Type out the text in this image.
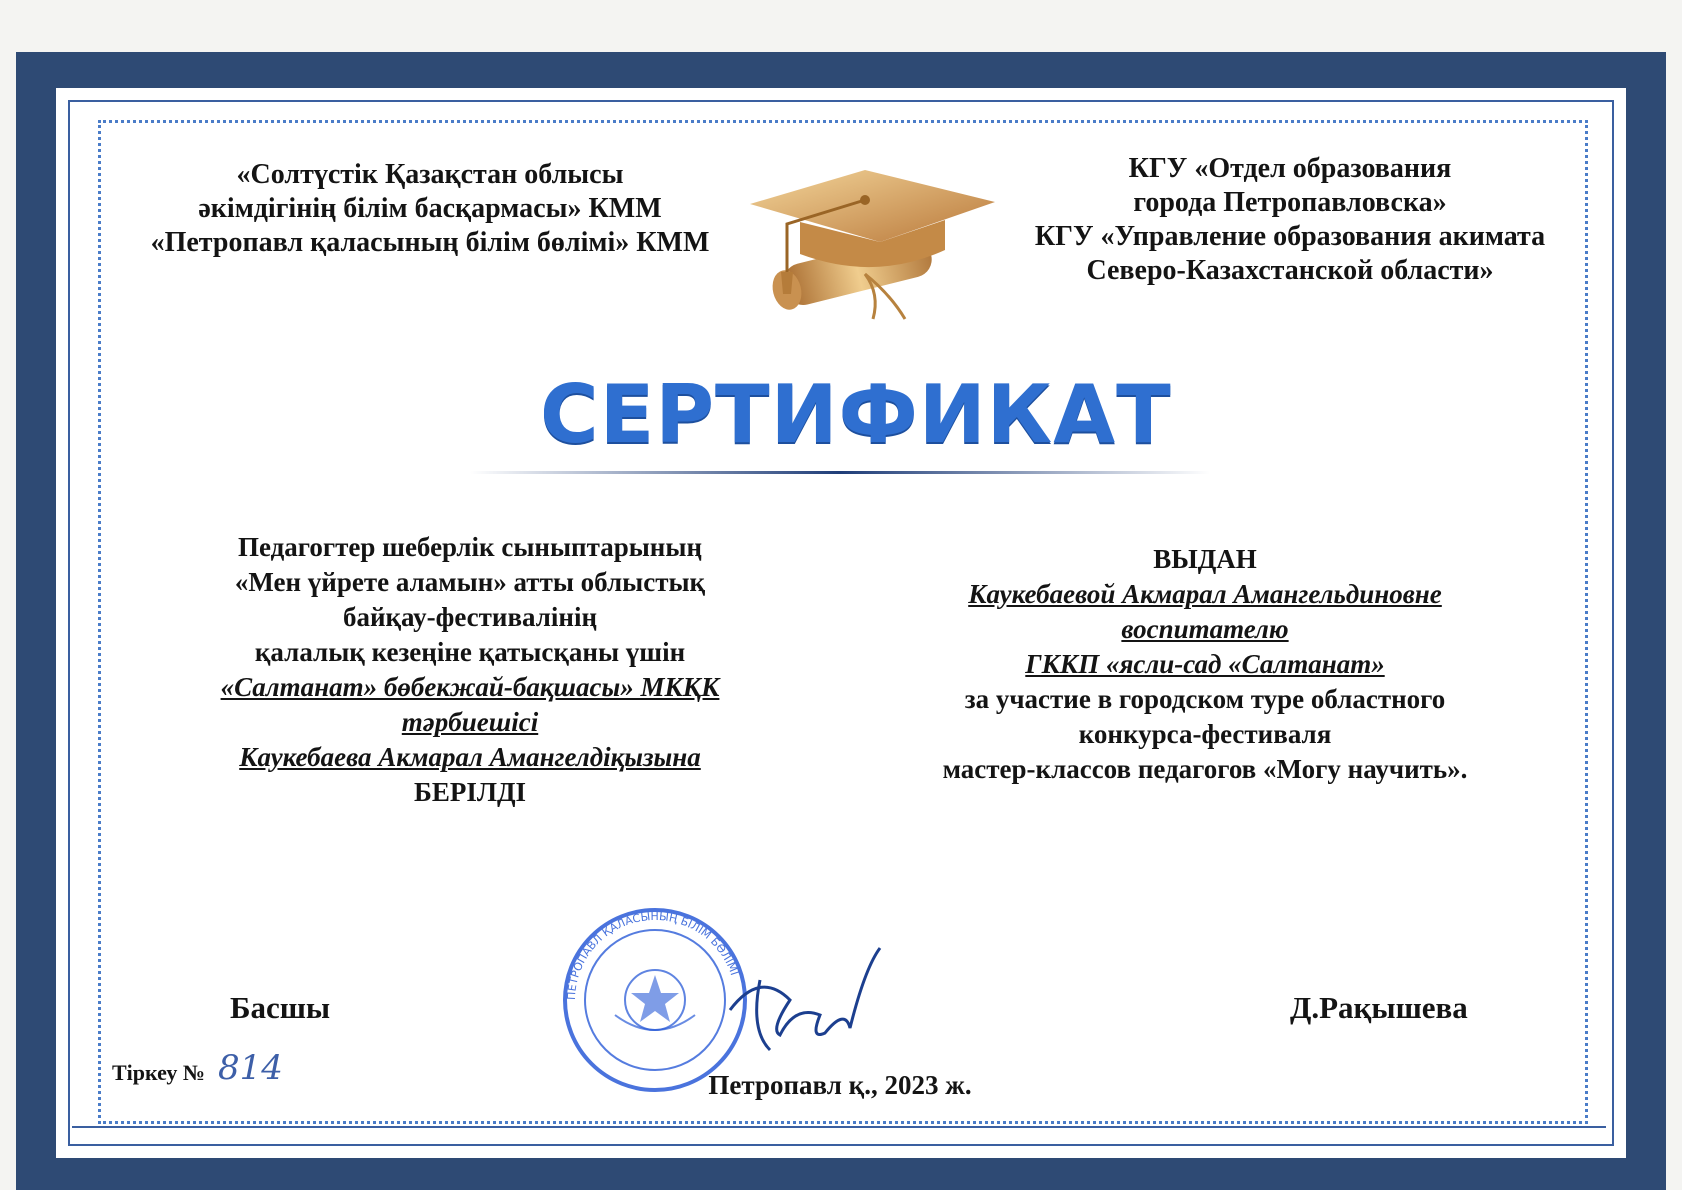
«Солтүстік Қазақстан облысы
әкімдігінің білім басқармасы» КММ
«Петропавл қаласының білім бөлімі» КММ
КГУ «Отдел образования
города Петропавловска»
КГУ «Управление образования акимата
Северо-Казахстанской области»
СЕРТИФИКАТ
Педагогтер шеберлік сыныптарының
«Мен үйрете аламын» атты облыстық
байқау-фестивалінің
қалалық кезеңіне қатысқаны үшін
«Салтанат» бөбекжай-бақшасы» МКҚК
тәрбиешісі
Каукебаева Акмарал Амангелдіқызына
БЕРІЛДІ
ВЫДАН
Каукебаевой Акмарал Амангельдиновне
воспитателю
ГККП «ясли-сад «Салтанат»
за участие в городском туре областного
конкурса-фестиваля
мастер-классов педагогов «Могу научить».
ПЕТРОПАВЛ ҚАЛАСЫНЫҢ БІЛІМ БӨЛІМІ
Басшы	Д.Рақышева
Тіркеу № 814	Петропавл қ., 2023 ж.
